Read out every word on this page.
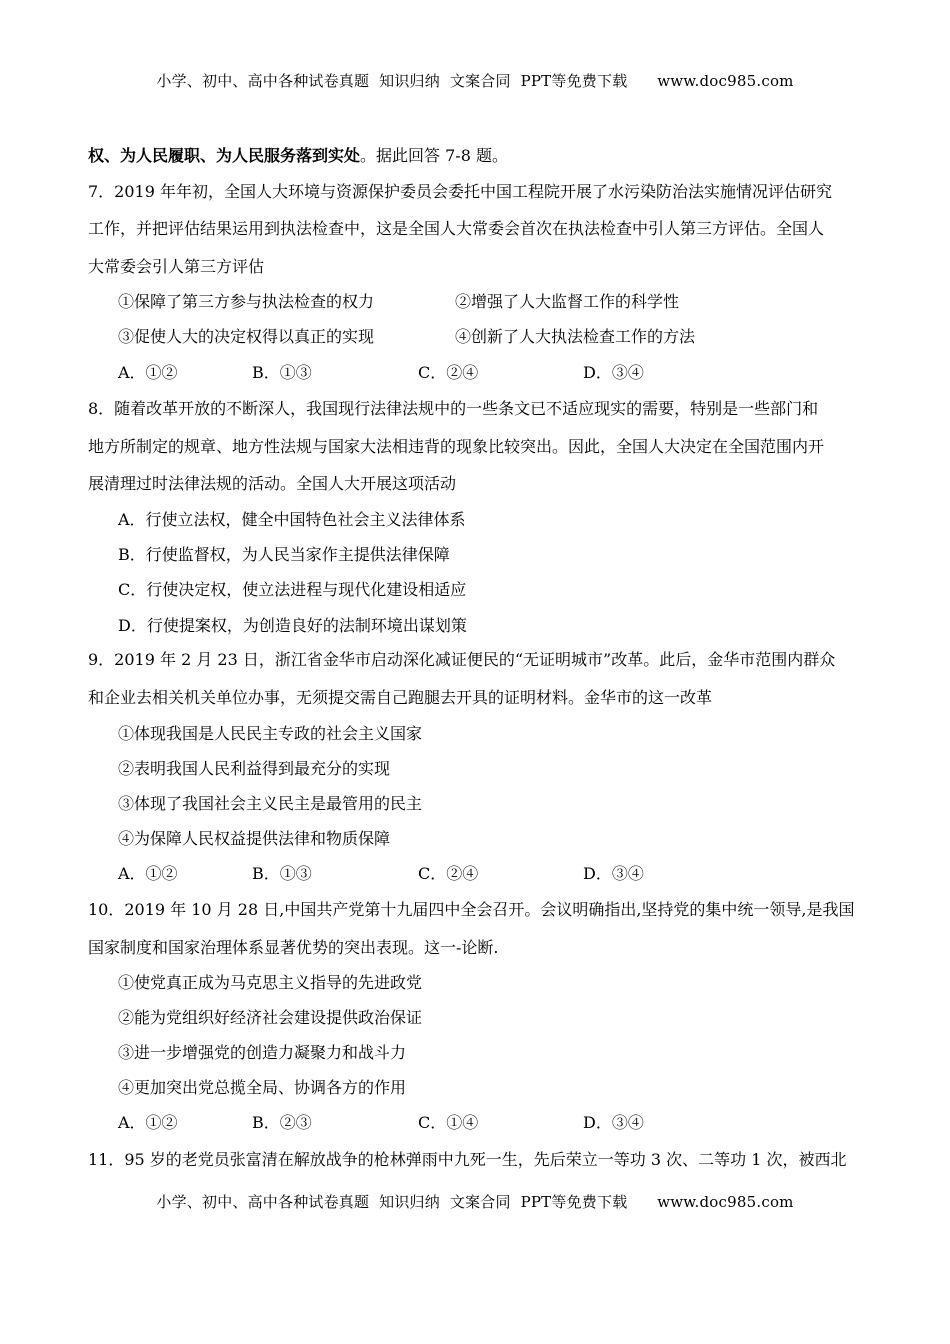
小学、初中、高中各种试卷真题  知识归纳  文案合同  PPT等免费下载      www.doc985.com
权、为人民履职、为人民服务落到实处。据此回答 7-8 题。
7．2019 年年初，全国人大环境与资源保护委员会委托中国工程院开展了水污染防治法实施情况评估研究
工作，并把评估结果运用到执法检查中，这是全国人大常委会首次在执法检查中引人第三方评估。全国人
大常委会引人第三方评估
①保障了第三方参与执法检查的权力	②增强了人大监督工作的科学性
③促使人大的决定权得以真正的实现	④创新了人大执法检查工作的方法
A．①②	B．①③	C．②④	D．③④
8．随着改革开放的不断深人，我国现行法律法规中的一些条文已不适应现实的需要，特别是一些部门和
地方所制定的规章、地方性法规与国家大法相违背的现象比较突出。因此，全国人大决定在全国范围内开
展清理过时法律法规的活动。全国人大开展这项活动
A．行使立法权，健全中国特色社会主义法律体系
B．行使监督权，为人民当家作主提供法律保障
C．行使决定权，使立法进程与现代化建设相适应
D．行使提案权，为创造良好的法制环境出谋划策
9．2019 年 2 月 23 日，浙江省金华市启动深化减证便民的“无证明城市”改革。此后，金华市范围内群众
和企业去相关机关单位办事，无须提交需自己跑腿去开具的证明材料。金华市的这一改革
①体现我国是人民民主专政的社会主义国家
②表明我国人民利益得到最充分的实现
③体现了我国社会主义民主是最管用的民主
④为保障人民权益提供法律和物质保障
A．①②	B．①③	C．②④	D．③④
10．2019 年 10 月 28 日,中国共产党第十九届四中全会召开。会议明确指出,坚持党的集中统一领导,是我国
国家制度和国家治理体系显著优势的突出表现。这一-论断.
①使党真正成为马克思主义指导的先进政党
②能为党组织好经济社会建设提供政治保证
③进一步增强党的创造力凝聚力和战斗力
④更加突出党总揽全局、协调各方的作用
A．①②	B．②③	C．①④	D．③④
11．95 岁的老党员张富清在解放战争的枪林弹雨中九死一生，先后荣立一等功 3 次、二等功 1 次，被西北
小学、初中、高中各种试卷真题  知识归纳  文案合同  PPT等免费下载      www.doc985.com
